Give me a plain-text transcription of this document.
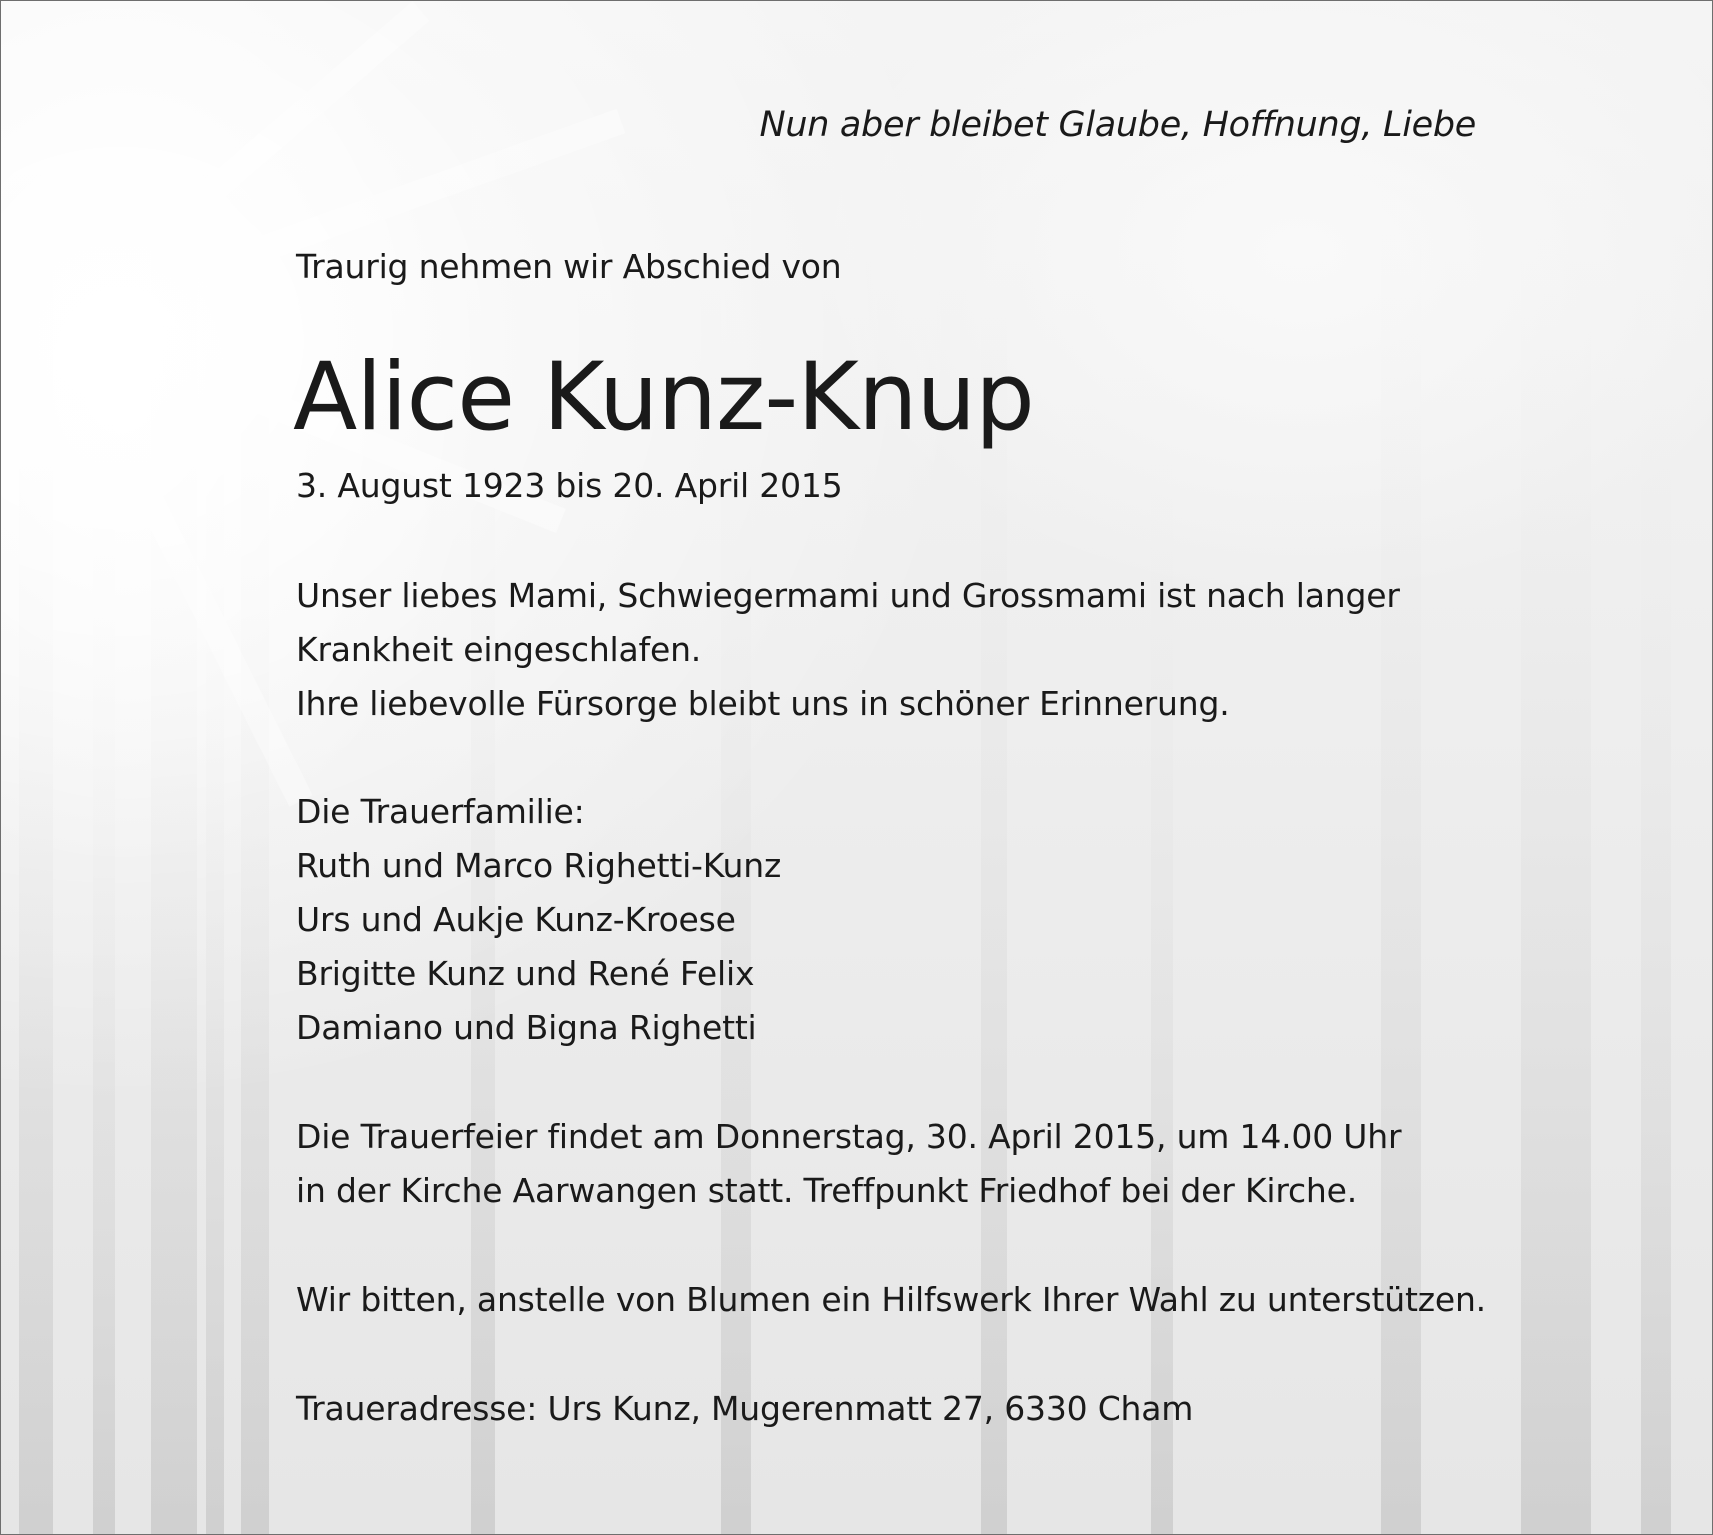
Nun aber bleibet Glaube, Hoffnung, Liebe

Traurig nehmen wir Abschied von

Alice Kunz-Knup

3. August 1923 bis 20. April 2015

Unser liebes Mami, Schwiegermami und Grossmami ist nach langer
Krankheit eingeschlafen.
Ihre liebevolle Fürsorge bleibt uns in schöner Erinnerung.

Die Trauerfamilie:

Ruth und Marco Righetti-Kunz
Urs und Aukje Kunz-Kroese
Brigitte Kunz und René Felix
Damiano und Bigna Righetti
Die Trauerfeier findet am Donnerstag, 30. April 2015, um 14.00 Uhr
in der Kirche Aarwangen statt. Treffpunkt Friedhof bei der Kirche.

Wir bitten, anstelle von Blumen ein Hilfswerk Ihrer Wahl zu unterstützen.

Traueradresse: Urs Kunz, Mugerenmatt 27, 6330 Cham
